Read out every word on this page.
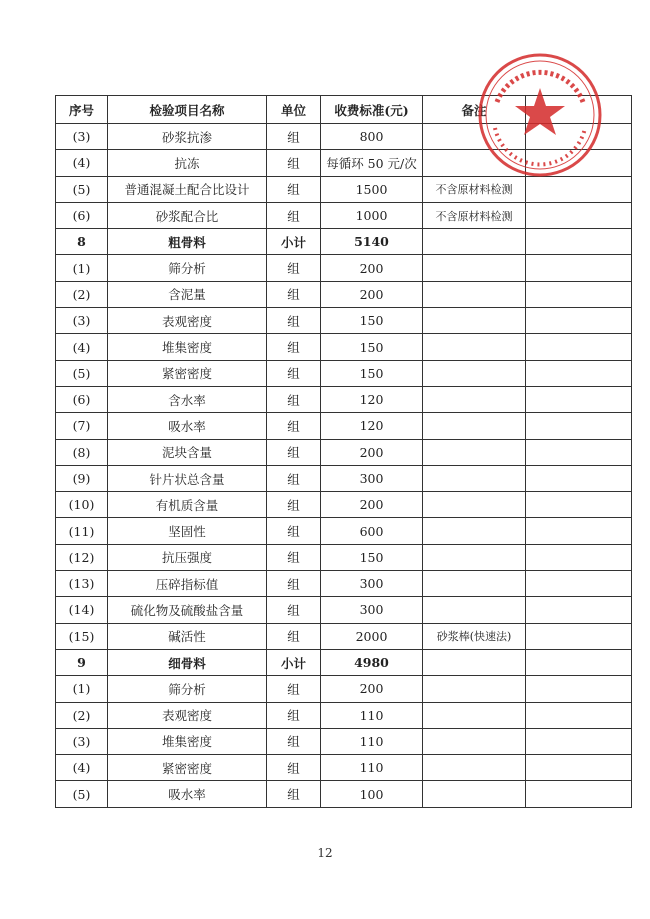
序号	检验项目名称	单位	收费标准(元)	备注	
(3)	砂浆抗渗	组	800		
(4)	抗冻	组	每循环 50 元/次		
(5)	普通混凝土配合比设计	组	1500	不含原材料检测	
(6)	砂浆配合比	组	1000	不含原材料检测	
8	粗骨料	小计	5140		
(1)	筛分析	组	200		
(2)	含泥量	组	200		
(3)	表观密度	组	150		
(4)	堆集密度	组	150		
(5)	紧密密度	组	150		
(6)	含水率	组	120		
(7)	吸水率	组	120		
(8)	泥块含量	组	200		
(9)	针片状总含量	组	300		
(10)	有机质含量	组	200		
(11)	坚固性	组	600		
(12)	抗压强度	组	150		
(13)	压碎指标值	组	300		
(14)	硫化物及硫酸盐含量	组	300		
(15)	碱活性	组	2000	砂浆棒(快速法)	
9	细骨料	小计	4980		
(1)	筛分析	组	200		
(2)	表观密度	组	110		
(3)	堆集密度	组	110		
(4)	紧密密度	组	110		
(5)	吸水率	组	100		
12
